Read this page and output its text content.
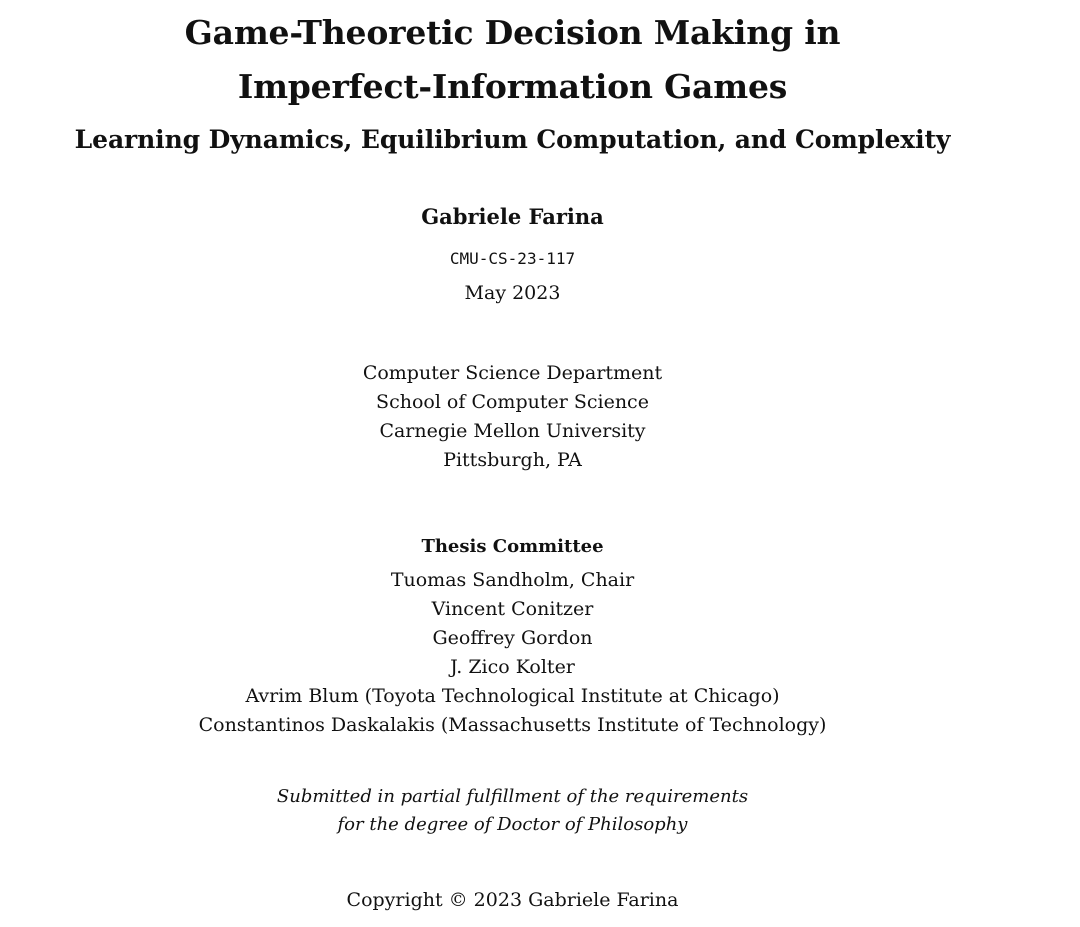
Game-Theoretic Decision Making in
Imperfect-Information Games
Learning Dynamics, Equilibrium Computation, and Complexity
Gabriele Farina
CMU-CS-23-117
May 2023
Computer Science Department
School of Computer Science
Carnegie Mellon University
Pittsburgh, PA
Thesis Committee
Tuomas Sandholm, Chair
Vincent Conitzer
Geoffrey Gordon
J. Zico Kolter
Avrim Blum (Toyota Technological Institute at Chicago)
Constantinos Daskalakis (Massachusetts Institute of Technology)
Submitted in partial fulfillment of the requirements
for the degree of Doctor of Philosophy
Copyright © 2023 Gabriele Farina
